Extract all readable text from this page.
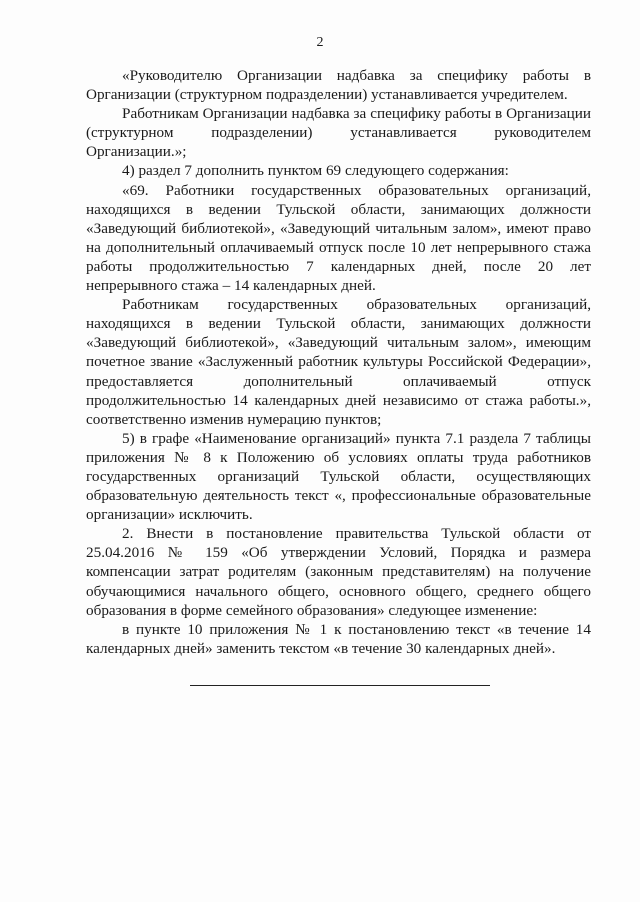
2

«Руководителю Организации надбавка за специфику работы в Организации (структурном подразделении) устанавливается учредителем.

Работникам Организации надбавка за специфику работы в Организации (структурном подразделении) устанавливается руководителем Организации.»;

4) раздел 7 дополнить пунктом 69 следующего содержания:

«69. Работники государственных образовательных организаций, находящихся в ведении Тульской области, занимающих должности «Заведующий библиотекой», «Заведующий читальным залом», имеют право на дополнительный оплачиваемый отпуск после 10 лет непрерывного стажа работы продолжительностью 7 календарных дней, после 20 лет непрерывного стажа – 14 календарных дней.

Работникам государственных образовательных организаций, находящихся в ведении Тульской области, занимающих должности «Заведующий библиотекой», «Заведующий читальным залом», имеющим почетное звание «Заслуженный работник культуры Российской Федерации», предоставляется дополнительный оплачиваемый отпуск продолжительностью 14 календарных дней независимо от стажа работы.», соответственно изменив нумерацию пунктов;

5) в графе «Наименование организаций» пункта 7.1 раздела 7 таблицы приложения № 8 к Положению об условиях оплаты труда работников государственных организаций Тульской области, осуществляющих образовательную деятельность текст «, профессиональные образовательные организации» исключить.

2. Внести в постановление правительства Тульской области от 25.04.2016 № 159 «Об утверждении Условий, Порядка и размера компенсации затрат родителям (законным представителям) на получение обучающимися начального общего, основного общего, среднего общего образования в форме семейного образования» следующее изменение:

в пункте 10 приложения № 1 к постановлению текст «в течение 14 календарных дней» заменить текстом «в течение 30 календарных дней».
